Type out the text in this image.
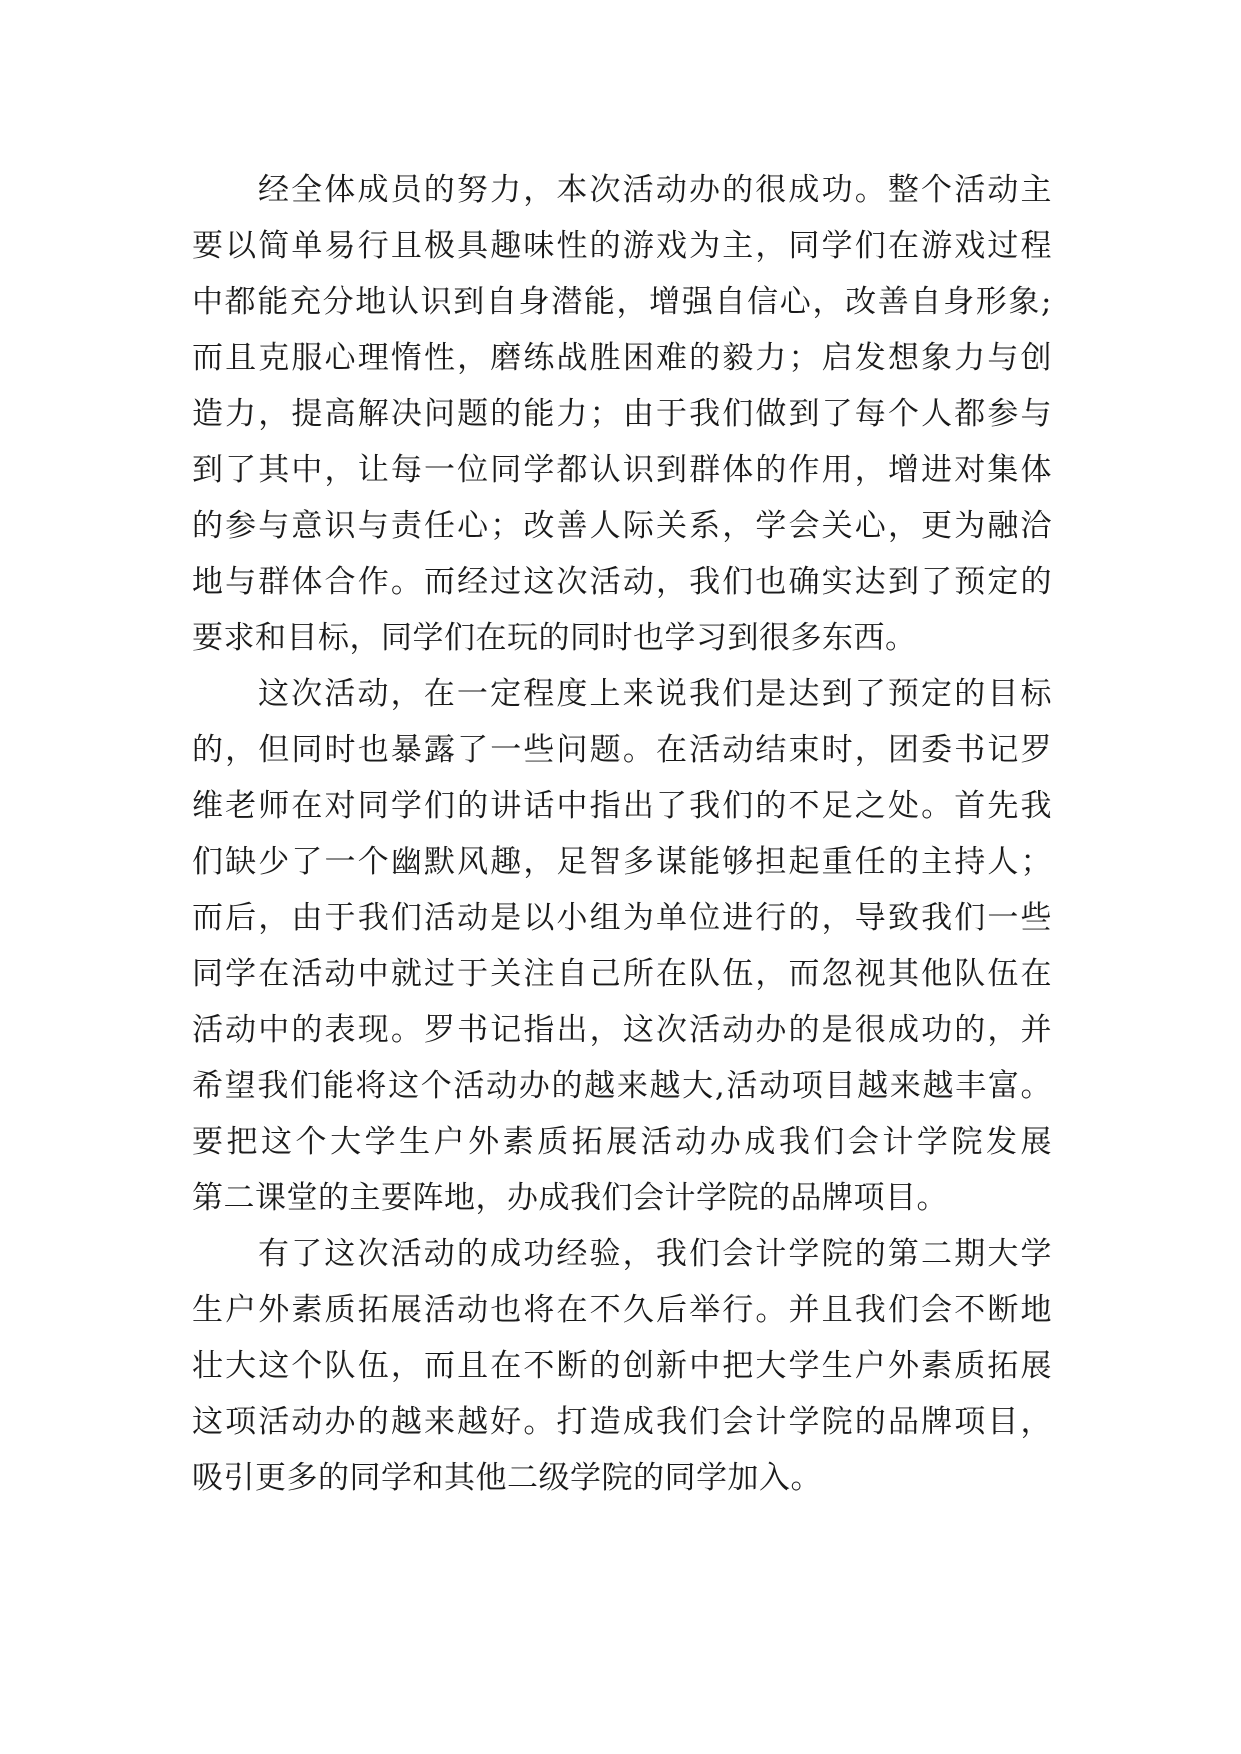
经全体成员的努力，本次活动办的很成功。整个活动主
要以简单易行且极具趣味性的游戏为主，同学们在游戏过程
中都能充分地认识到自身潜能，增强自信心，改善自身形象;
而且克服心理惰性，磨练战胜困难的毅力；启发想象力与创
造力，提高解决问题的能力；由于我们做到了每个人都参与
到了其中，让每一位同学都认识到群体的作用，增进对集体
的参与意识与责任心；改善人际关系，学会关心，更为融洽
地与群体合作。而经过这次活动，我们也确实达到了预定的
要求和目标，同学们在玩的同时也学习到很多东西。
这次活动，在一定程度上来说我们是达到了预定的目标
的，但同时也暴露了一些问题。在活动结束时，团委书记罗
维老师在对同学们的讲话中指出了我们的不足之处。首先我
们缺少了一个幽默风趣，足智多谋能够担起重任的主持人；
而后，由于我们活动是以小组为单位进行的，导致我们一些
同学在活动中就过于关注自己所在队伍，而忽视其他队伍在
活动中的表现。罗书记指出，这次活动办的是很成功的，并
希望我们能将这个活动办的越来越大,活动项目越来越丰富。
要把这个大学生户外素质拓展活动办成我们会计学院发展
第二课堂的主要阵地，办成我们会计学院的品牌项目。
有了这次活动的成功经验，我们会计学院的第二期大学
生户外素质拓展活动也将在不久后举行。并且我们会不断地
壮大这个队伍，而且在不断的创新中把大学生户外素质拓展
这项活动办的越来越好。打造成我们会计学院的品牌项目，
吸引更多的同学和其他二级学院的同学加入。
